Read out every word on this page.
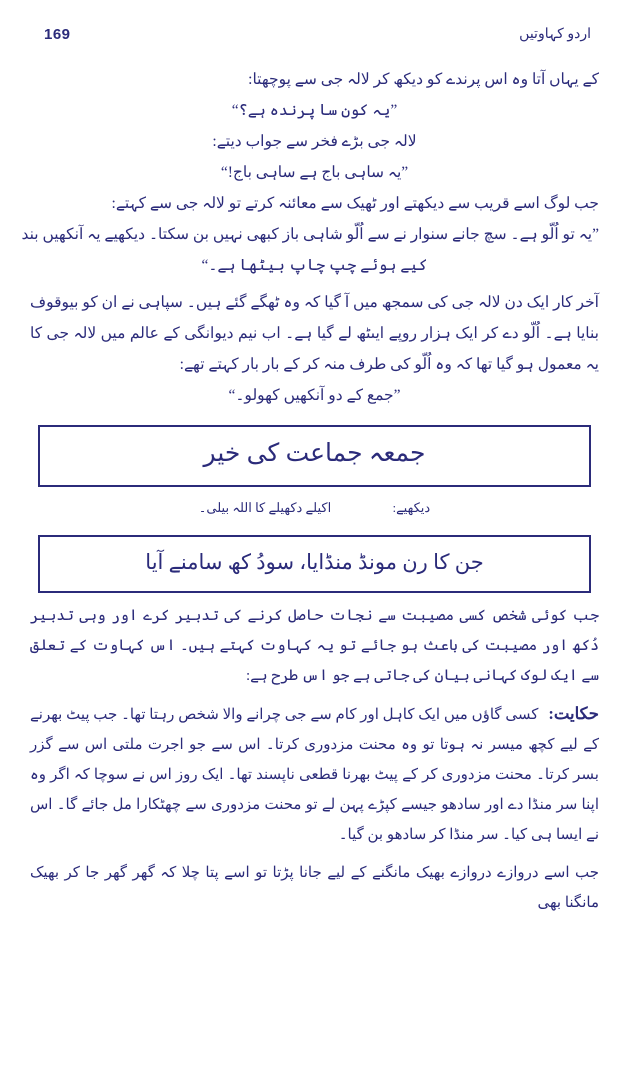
169	اردو کہاوتیں
کے یہاں آتا وہ اس پرندے کو دیکھ کر لالہ جی سے پوچھتا:
”یہ کون سا پرندہ ہے؟“
لالہ جی بڑے فخر سے جواب دیتے:
”یہ ساہی باج ہے ساہی باج!“
جب لوگ اسے قریب سے دیکھتے اور ٹھیک سے معائنہ کرتے تو لالہ جی سے کہتے:
”یہ تو اُلّو ہے۔ سچ جانے سنوار نے سے اُلّو شاہی باز کبھی نہیں بن سکتا۔ دیکھیے یہ آنکھیں بند
کیے ہوئے چپ چاپ بیٹھا ہے۔“
آخر کار ایک دن لالہ جی کی سمجھ میں آ گیا کہ وہ ٹھگے گئے ہیں۔ سپاہی نے ان کو بیوقوف بنایا ہے۔ اُلّو دے کر ایک ہزار روپے ایںٹھ لے گیا ہے۔ اب نیم دیوانگی کے عالم میں لالہ جی کا یہ معمول ہو گیا تھا کہ وہ اُلّو کی طرف منہ کر کے بار بار کہتے تھے:
”جمع کے دو آنکھیں کھولو۔“
جمعہ جماعت کی خیر
دیکھیے: اکیلے دکھیلے کا اللہ بیلی۔
جن کا رن مونڈ منڈایا، سودُ کھ سامنے آیا
جب کوئی شخص کسی مصیبت سے نجات حاصل کرنے کی تدبیر کرے اور وہی تدبیر دُکھ اور مصیبت کی باعث ہو جائے تو یہ کہاوت کہتے ہیں۔ اس کہاوت کے تعلق سے ایک لوک کہانی بیان کی جاتی ہے جو اس طرح ہے:
حکایت:کسی گاؤں میں ایک کاہل اور کام سے جی چرانے والا شخص رہتا تھا۔ جب پیٹ بھرنے کے لیے کچھ میسر نہ ہوتا تو وہ محنت مزدوری کرتا۔ اس سے جو اجرت ملتی اس سے گزر بسر کرتا۔ محنت مزدوری کر کے پیٹ بھرنا قطعی ناپسند تھا۔ ایک روز اس نے سوچا کہ اگر وہ اپنا سر منڈا دے اور سادھو جیسے کپڑے پہن لے تو محنت مزدوری سے چھٹکارا مل جائے گا۔ اس نے ایسا ہی کیا۔ سر منڈا کر سادھو بن گیا۔
جب اسے دروازے دروازے بھیک مانگنے کے لیے جانا پڑتا تو اسے پتا چلا کہ گھر گھر جا کر بھیک مانگنا بھی
